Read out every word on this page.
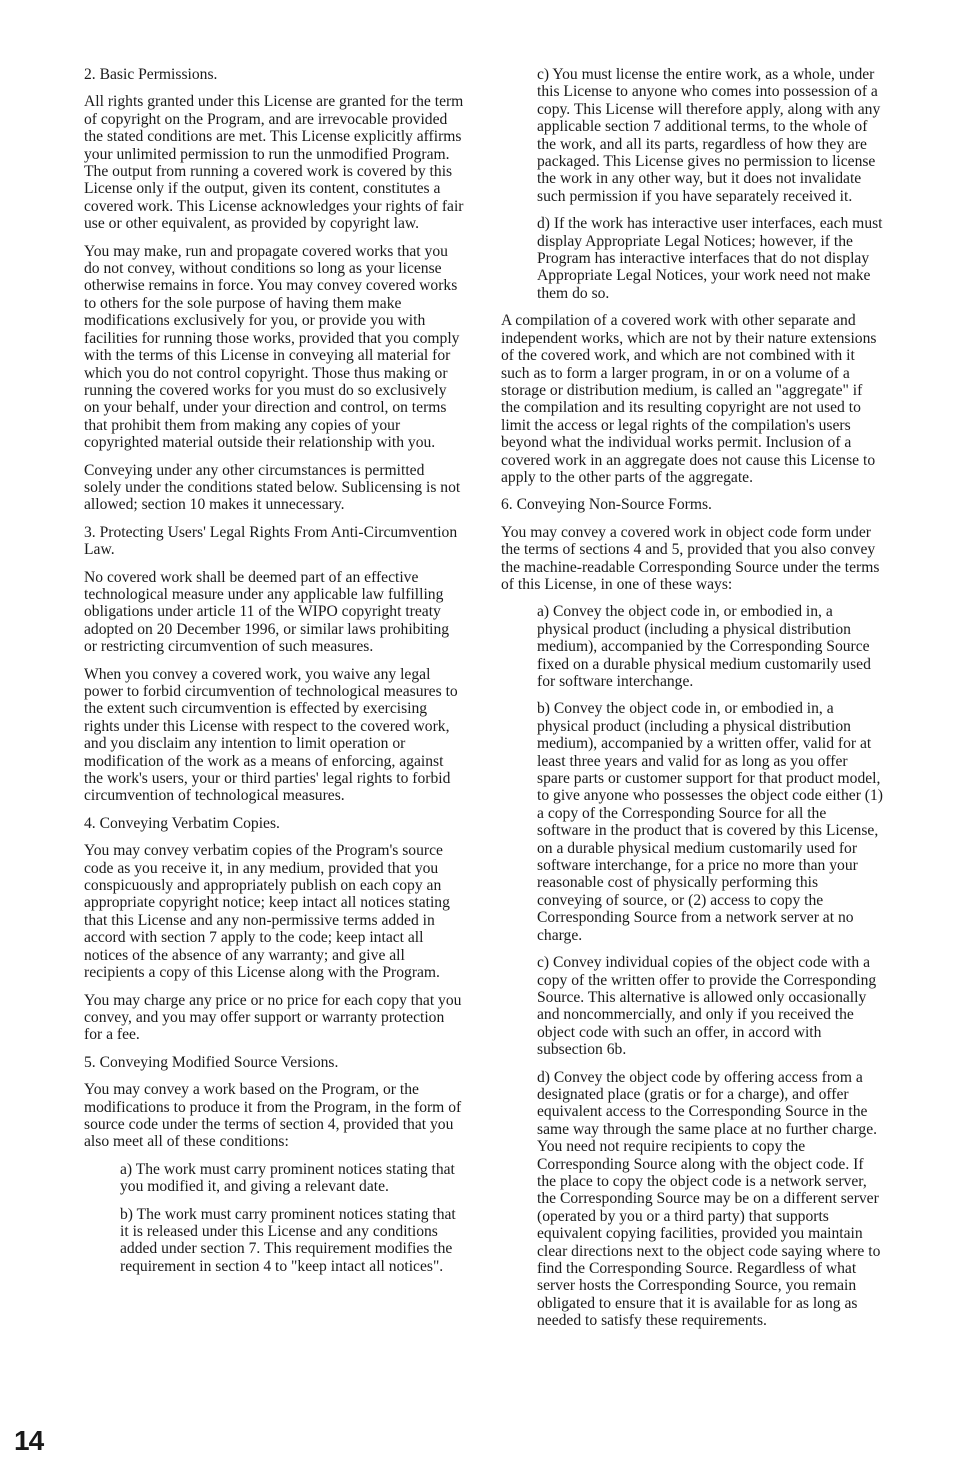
2. Basic Permissions.

All rights granted under this License are granted for the term of copyright on the Program, and are irrevocable provided the stated conditions are met. This License explicitly affirms your unlimited permission to run the unmodified Program. The output from running a covered work is covered by this License only if the output, given its content, constitutes a covered work. This License acknowledges your rights of fair use or other equivalent, as provided by copyright law.

You may make, run and propagate covered works that you do not convey, without conditions so long as your license otherwise remains in force. You may convey covered works to others for the sole purpose of having them make modifications exclusively for you, or provide you with facilities for running those works, provided that you comply with the terms of this License in conveying all material for which you do not control copyright. Those thus making or running the covered works for you must do so exclusively on your behalf, under your direction and control, on terms that prohibit them from making any copies of your copyrighted material outside their relationship with you.

Conveying under any other circumstances is permitted solely under the conditions stated below. Sublicensing is not allowed; section 10 makes it unnecessary.

3. Protecting Users' Legal Rights From Anti-Circumvention Law.

No covered work shall be deemed part of an effective technological measure under any applicable law fulfilling obligations under article 11 of the WIPO copyright treaty adopted on 20 December 1996, or similar laws prohibiting or restricting circumvention of such measures.

When you convey a covered work, you waive any legal power to forbid circumvention of technological measures to the extent such circumvention is effected by exercising rights under this License with respect to the covered work, and you disclaim any intention to limit operation or modification of the work as a means of enforcing, against the work's users, your or third parties' legal rights to forbid circumvention of technological measures.

4. Conveying Verbatim Copies.

You may convey verbatim copies of the Program's source code as you receive it, in any medium, provided that you conspicuously and appropriately publish on each copy an appropriate copyright notice; keep intact all notices stating that this License and any non-permissive terms added in accord with section 7 apply to the code; keep intact all notices of the absence of any warranty; and give all recipients a copy of this License along with the Program.

You may charge any price or no price for each copy that you convey, and you may offer support or warranty protection for a fee.

5. Conveying Modified Source Versions.

You may convey a work based on the Program, or the modifications to produce it from the Program, in the form of source code under the terms of section 4, provided that you also meet all of these conditions:

a) The work must carry prominent notices stating that you modified it, and giving a relevant date.

b) The work must carry prominent notices stating that it is released under this License and any conditions added under section 7. This requirement modifies the requirement in section 4 to "keep intact all notices".

c) You must license the entire work, as a whole, under this License to anyone who comes into possession of a copy. This License will therefore apply, along with any applicable section 7 additional terms, to the whole of the work, and all its parts, regardless of how they are packaged. This License gives no permission to license the work in any other way, but it does not invalidate such permission if you have separately received it.

d) If the work has interactive user interfaces, each must display Appropriate Legal Notices; however, if the Program has interactive interfaces that do not display Appropriate Legal Notices, your work need not make them do so.

A compilation of a covered work with other separate and independent works, which are not by their nature extensions of the covered work, and which are not combined with it such as to form a larger program, in or on a volume of a storage or distribution medium, is called an "aggregate" if the compilation and its resulting copyright are not used to limit the access or legal rights of the compilation's users beyond what the individual works permit. Inclusion of a covered work in an aggregate does not cause this License to apply to the other parts of the aggregate.

6. Conveying Non-Source Forms.

You may convey a covered work in object code form under the terms of sections 4 and 5, provided that you also convey the machine-readable Corresponding Source under the terms of this License, in one of these ways:

a) Convey the object code in, or embodied in, a physical product (including a physical distribution medium), accompanied by the Corresponding Source fixed on a durable physical medium customarily used for software interchange.

b) Convey the object code in, or embodied in, a physical product (including a physical distribution medium), accompanied by a written offer, valid for at least three years and valid for as long as you offer spare parts or customer support for that product model, to give anyone who possesses the object code either (1) a copy of the Corresponding Source for all the software in the product that is covered by this License, on a durable physical medium customarily used for software interchange, for a price no more than your reasonable cost of physically performing this conveying of source, or (2) access to copy the Corresponding Source from a network server at no charge.

c) Convey individual copies of the object code with a copy of the written offer to provide the Corresponding Source. This alternative is allowed only occasionally and noncommercially, and only if you received the object code with such an offer, in accord with subsection 6b.

d) Convey the object code by offering access from a designated place (gratis or for a charge), and offer equivalent access to the Corresponding Source in the same way through the same place at no further charge. You need not require recipients to copy the Corresponding Source along with the object code. If the place to copy the object code is a network server, the Corresponding Source may be on a different server (operated by you or a third party) that supports equivalent copying facilities, provided you maintain clear directions next to the object code saying where to find the Corresponding Source. Regardless of what server hosts the Corresponding Source, you remain obligated to ensure that it is available for as long as needed to satisfy these requirements.

14
